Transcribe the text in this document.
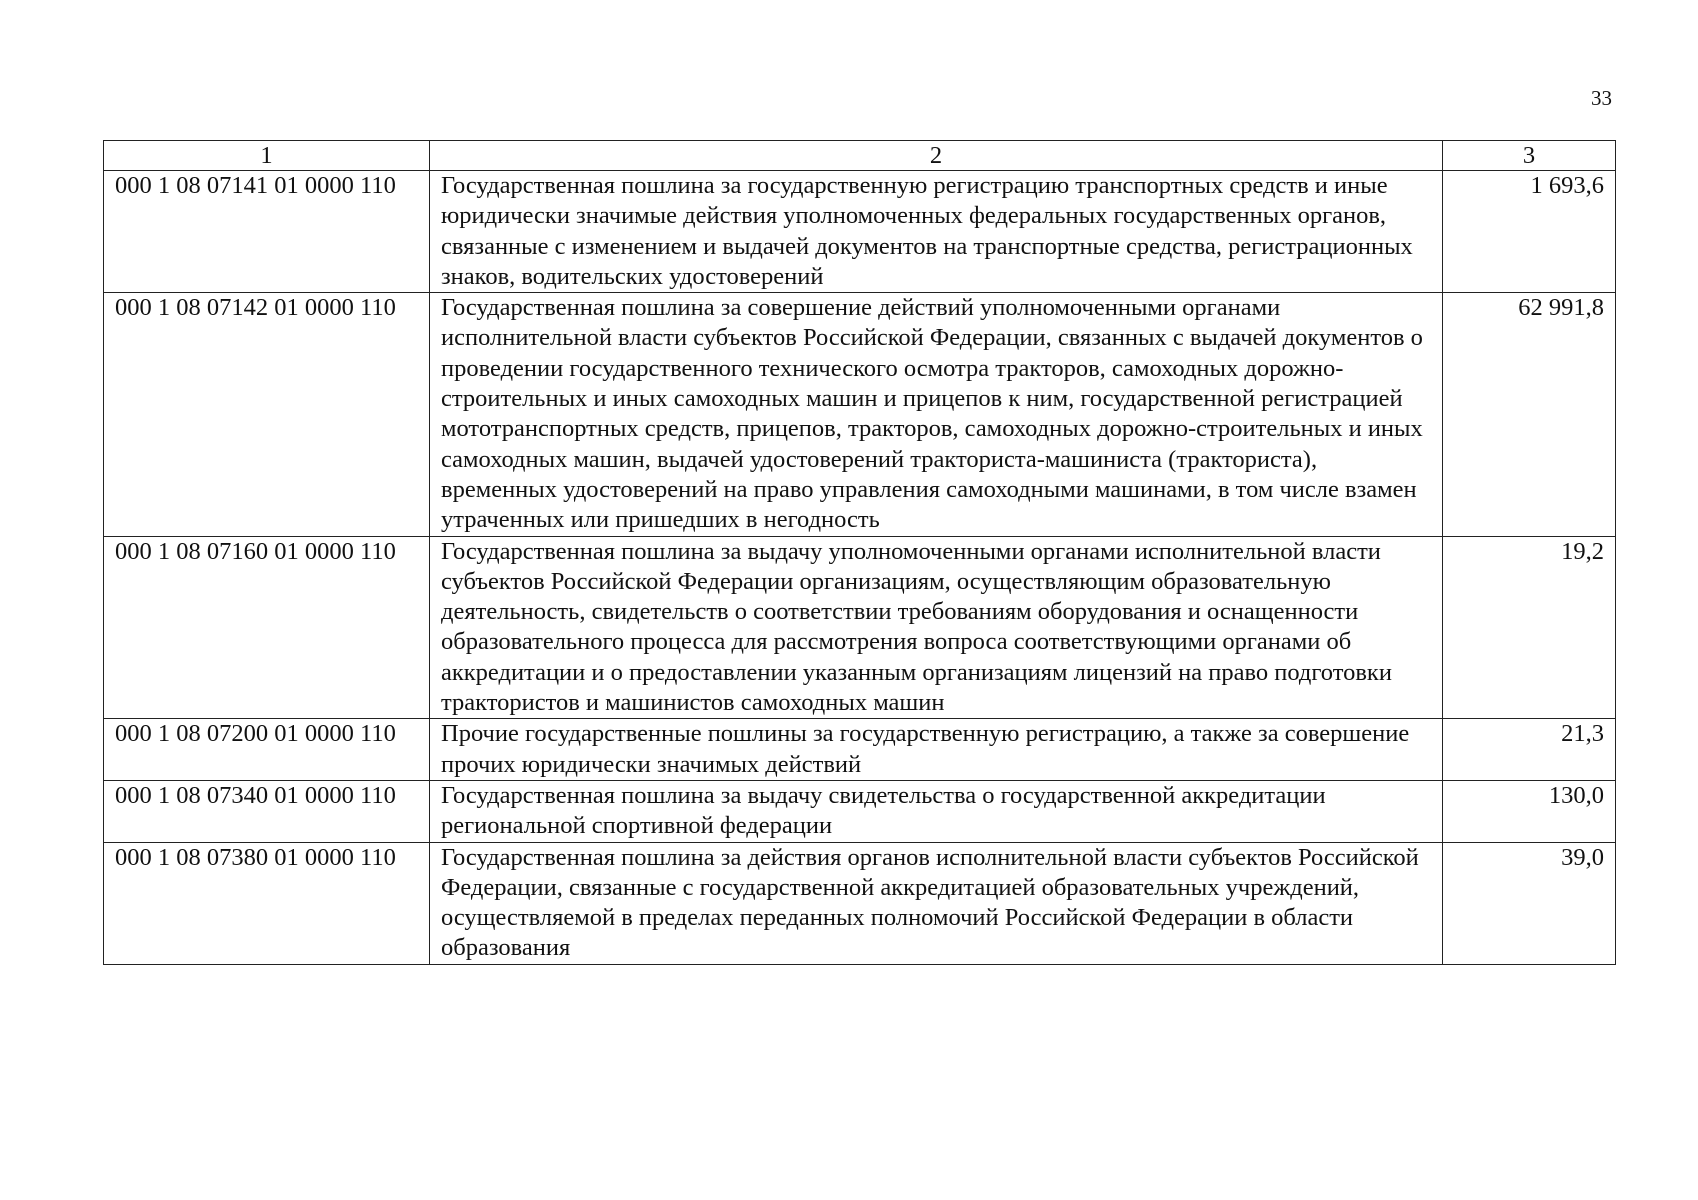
33
1	2	3
000 1 08 07141 01 0000 110	Государственная пошлина за государственную регистрацию транспортных средств и иные юридически значимые действия уполномоченных федеральных государственных органов, связанные с изменением и выдачей документов на транспортные средства, регистрационных знаков, водительских удостоверений	1 693,6
000 1 08 07142 01 0000 110	Государственная пошлина за совершение действий уполномоченными органами исполнительной власти субъектов Российской Федерации, связанных с выдачей документов о проведении государственного технического осмотра тракторов, самоходных дорожно-строительных и иных самоходных машин и прицепов к ним, государственной регистрацией мототранспортных средств, прицепов, тракторов, самоходных дорожно-строительных и иных самоходных машин, выдачей удостоверений тракториста-машиниста (тракториста), временных удостоверений на право управления самоходными машинами, в том числе взамен утраченных или пришедших в негодность	62 991,8
000 1 08 07160 01 0000 110	Государственная пошлина за выдачу уполномоченными органами исполнительной власти субъектов Российской Федерации организациям, осуществляющим образовательную деятельность, свидетельств о соответствии требованиям оборудования и оснащенности образовательного процесса для рассмотрения вопроса соответствующими органами об аккредитации и о предоставлении указанным организациям лицензий на право подготовки трактористов и машинистов самоходных машин	19,2
000 1 08 07200 01 0000 110	Прочие государственные пошлины за государственную регистрацию, а также за совершение прочих юридически значимых действий	21,3
000 1 08 07340 01 0000 110	Государственная пошлина за выдачу свидетельства о государственной аккредитации региональной спортивной федерации	130,0
000 1 08 07380 01 0000 110	Государственная пошлина за действия органов исполнительной власти субъектов Российской Федерации, связанные с государственной аккредитацией образовательных учреждений, осуществляемой в пределах переданных полномочий Российской Федерации в области образования	39,0
